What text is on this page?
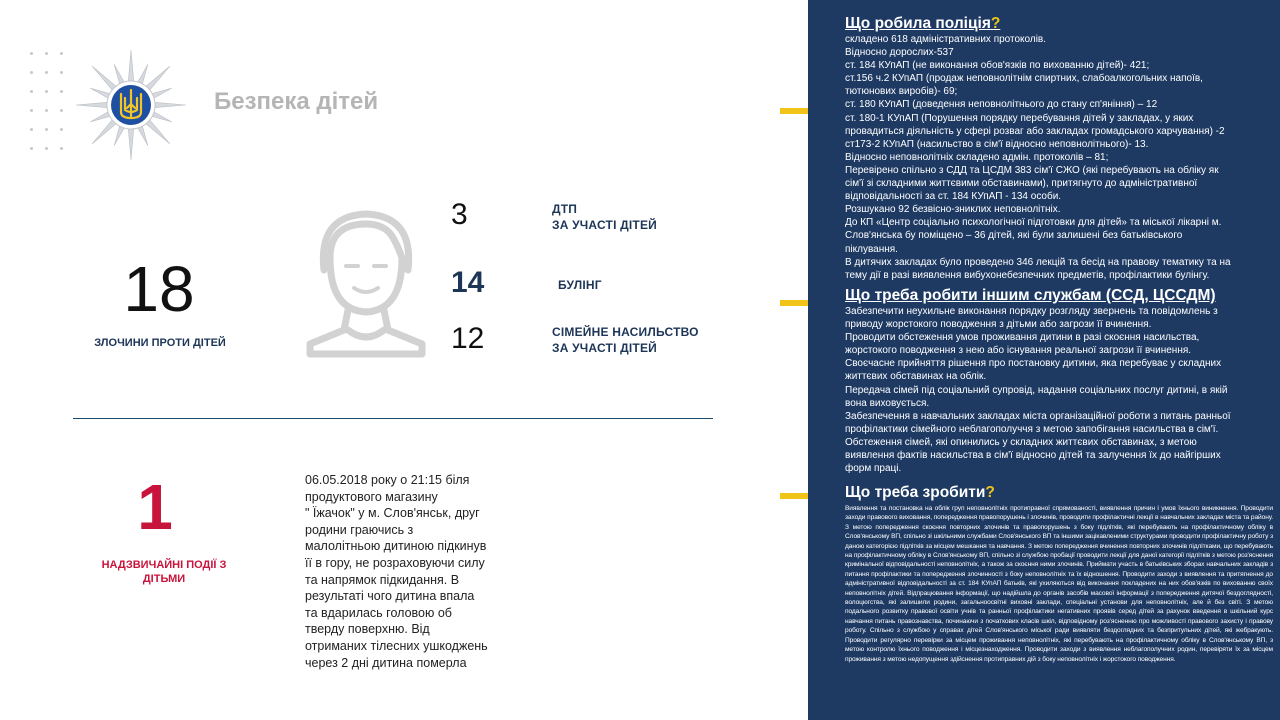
Безпека дітей
18
ЗЛОЧИНИ ПРОТИ ДІТЕЙ
3	ДТП
ЗА УЧАСТІ ДІТЕЙ
14	БУЛІНГ
12	СІМЕЙНЕ НАСИЛЬСТВО
ЗА УЧАСТІ ДІТЕЙ
1
НАДЗВИЧАЙНІ ПОДІЇ З ДІТЬМИ
06.05.2018 року о 21:15 біля
продуктового магазину
" Їжачок" у м. Слов'янськ, друг
родини граючись з
малолітньою дитиною підкинув
її в гору, не розраховуючи силу
та напрямок підкидання. В
результаті чого дитина впала
та вдарилась головою об
тверду поверхню. Від
отриманих тілесних ушкоджень
через 2 дні дитина померла
Що робила поліція?
складено 618 адміністративних протоколів.
Відносно дорослих-537
ст. 184 КУпАП (не виконання обов'язків по вихованню дітей)- 421;
ст.156 ч.2 КУпАП (продаж неповнолітнім спиртних, слабоалкогольних напоїв,
тютюнових виробів)- 69;
ст. 180 КУпАП (доведення неповнолітнього до стану сп'яніння) – 12
ст. 180-1 КУпАП (Порушення порядку перебування дітей у закладах, у яких
провадиться діяльність у сфері розваг або закладах громадського харчування) -2
ст173-2 КУпАП (насильство в сім'ї відносно неповнолітнього)- 13.
Відносно неповнолітніх складено адмін. протоколів – 81;
Перевірено спільно з СДД та ЦСДМ 383 сім'ї СЖО (які перебувають на обліку як
сім'ї зі складними життєвими обставинами), притягнуто до адміністративної
відповідальності за ст. 184 КУпАП - 134 особи.
Розшукано 92 безвісно-зниклих неповнолітніх.
До КП «Центр соціально психологічної підготовки для дітей» та міської лікарні м.
Слов'янська бу поміщено – 36 дітей, які були залишені без батьківського
піклування.
В дитячих закладах було проведено 346 лекцій та бесід на правову тематику та на
тему дії в разі виявлення вибухонебезпечних предметів, профілактики булінгу.
Що треба робити іншим службам (ССД, ЦССДМ)
Забезпечити неухильне виконання порядку розгляду звернень та повідомлень з
приводу жорстокого поводження з дітьми або загрози її вчинення.
Проводити обстеження умов проживання дитини в разі скоєння насильства,
жорстокого поводження з нею або існування реальної загрози її вчинення.
Своєчасне прийняття рішення про постановку дитини, яка перебуває у складних
життєвих обставинах на облік.
Передача сімей під соціальний супровід, надання соціальних послуг дитині, в якій
вона виховується.
Забезпечення в навчальних закладах міста організаційної роботи з питань ранньої
профілактики сімейного неблагополуччя з метою запобігання насильства в сім'ї.
Обстеження сімей, які опинились у складних життєвих обставинах, з метою
виявлення фактів насильства в сім'ї відносно дітей та залучення їх до найгірших
форм праці.
Що треба зробити?
Виявлення та постановка на облік груп неповнолітніх протиправної спрямованості, виявлення причин і умов їхнього виникнення. Проводити заходи правового виховання, попередження правопорушень і злочинів, проводити профілактичні лекції в навчальних закладах міста та району. З метою попередження скоєння повторних злочинів та правопорушень з боку підлітків, які перебувають на профілактичному обліку в Слов'янському ВП, спільно зі шкільними службами Слов'янського ВП та іншими зацікавленими структурами проводити профілактичну роботу з даною категорією підлітків за місцем мешкання та навчання. З метою попередження вчинення повторних злочинів підлітками, що перебувають на профілактичному обліку в Слов'янському ВП, спільно зі службою пробації проводити лекції для даної категорії підлітків з метою роз'яснення кримінальної відповідальності неповнолітніх, а також за скоєння ними злочинів. Приймати участь в батьківських зборах навчальних закладів з питання профілактики та попередження злочинності з боку неповнолітніх та їх відношення. Проводити заходи з виявлення та притягнення до адміністративної відповідальності за ст. 184 КУпАП батьків, які ухиляються від виконання покладених на них обов'язків по вихованню своїх неповнолітніх дітей. Відпрацювання інформації, що надійшла до органів засобів масової інформації з попередження дитячої бездоглядності, волоцюгства, які залишили родини, загальноосвітні виховні заклади, спеціальні установи для неповнолітніх, але й без світі. З метою подального розвитку правової освіти учнів та ранньої профілактики негативних проявів серед дітей за рахунок введення в шкільний курс навчання питань правознавства, починаючи з початкових класів шкіл, відповідному роз'ясненню про можливості правового захисту і правову роботу. Спільно з службою у справах дітей Слов'янського міської ради виявляти бездоглядних та безпритульних дітей, які жебракують. Проводити регулярно перевірки за місцем проживання неповнолітніх, які перебувають на профілактичному обліку в Слов'янському ВП, з метою контролю їхнього поводження і місцезнаходження. Проводити заходи з виявлення неблагополучних родин, перевіряти їх за місцем проживання з метою недопущення здійснення протиправних дій з боку неповнолітніх і жорстокого поводження.
